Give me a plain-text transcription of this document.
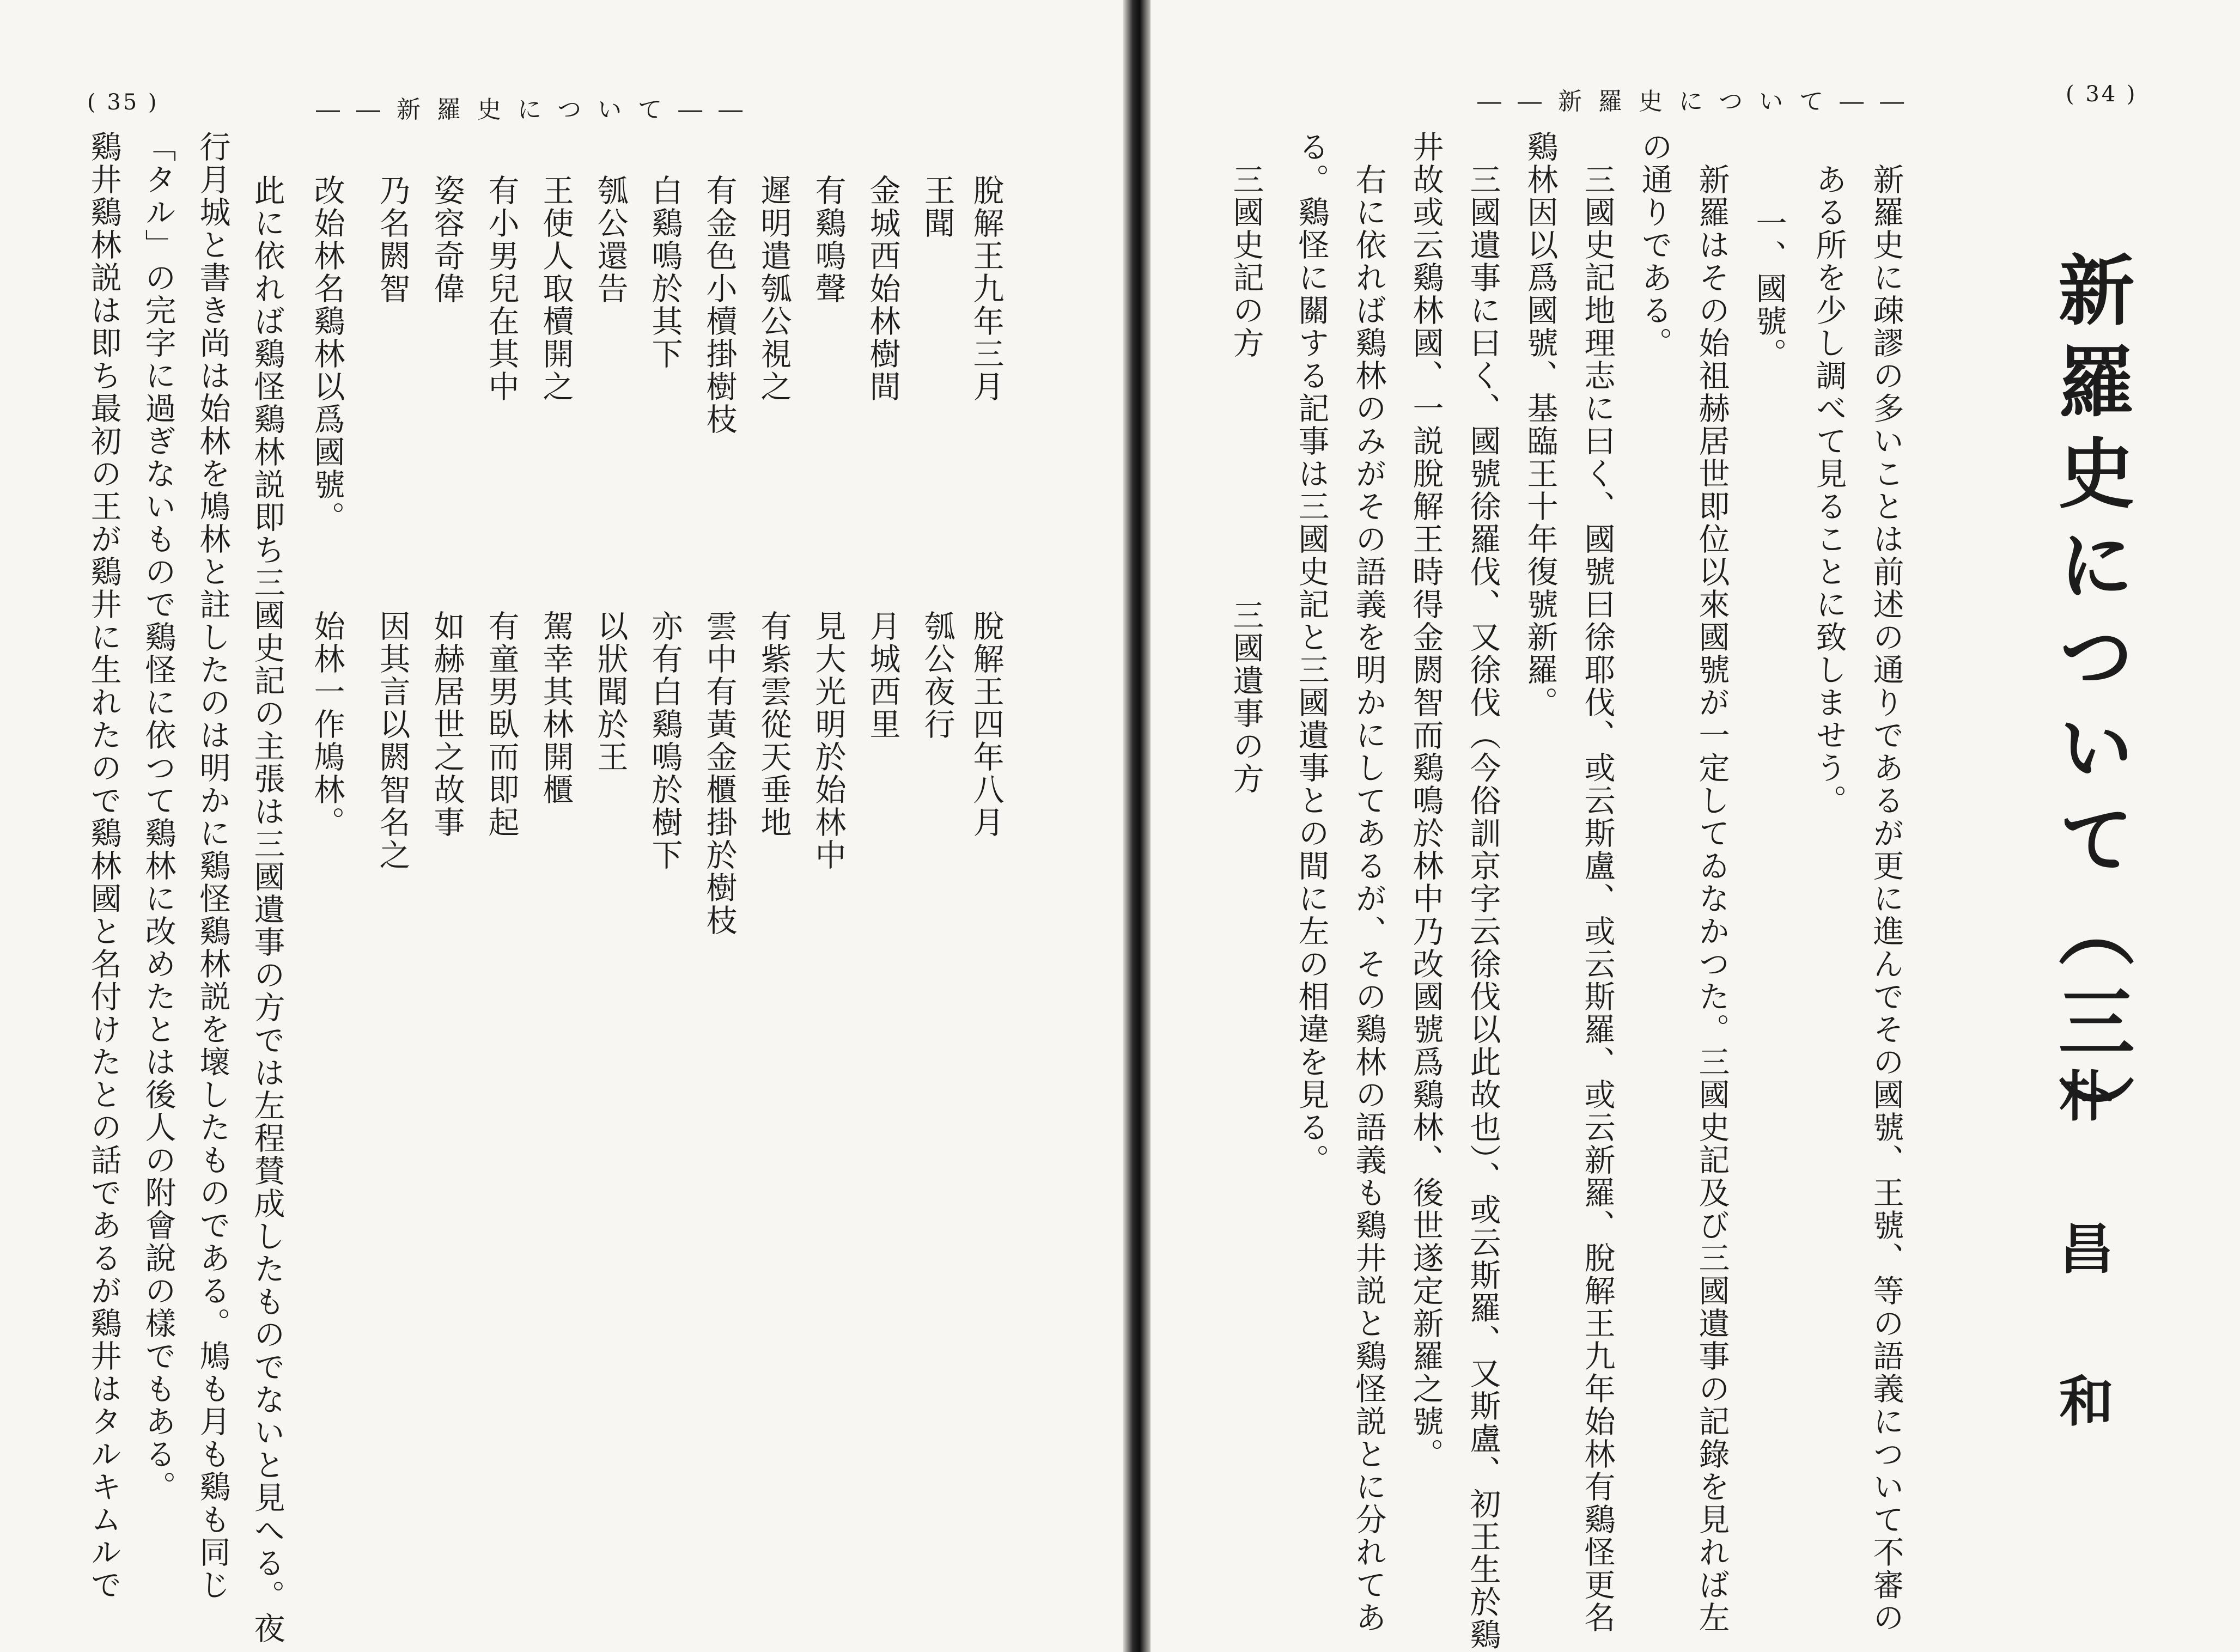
( 34 )
――新羅史について――
新羅史について（三）
朴昌和
新羅史に疎謬の多いことは前述の通りであるが更に進んでその國號、王號、等の語義について不審の
ある所を少し調べて見ることに致しませう。
一、國號。
新羅はその始祖赫居世即位以來國號が一定してゐなかつた。三國史記及び三國遺事の記錄を見れば左
の通りである。
三國史記地理志に曰く、國號曰徐耶伐、或云斯盧、或云斯羅、或云新羅、脫解王九年始林有鷄怪更名
鷄林因以爲國號、基臨王十年復號新羅。
三國遺事に曰く、國號徐羅伐、又徐伐（今俗訓京字云徐伐以此故也）、或云斯羅、又斯盧、初王生於鷄
井故或云鷄林國、一説脫解王時得金閼智而鷄鳴於林中乃改國號爲鷄林、後世遂定新羅之號。
右に依れば鷄林のみがその語義を明かにしてあるが、その鷄林の語義も鷄井説と鷄怪説とに分れてあ
る。鷄怪に關する記事は三國史記と三國遺事との間に左の相違を見る。
三國史記の方
三國遺事の方
( 35 )	――新羅史について――
脫解王九年三月
王聞
金城西始林樹間
有鷄鳴聲
遲明遣瓠公視之
有金色小櫝掛樹枝
白鷄鳴於其下
瓠公還告
王使人取櫝開之
有小男兒在其中
姿容奇偉
乃名閼智
改始林名鷄林以爲國號。
脫解王四年八月
瓠公夜行
月城西里
見大光明於始林中
有紫雲從天垂地
雲中有黃金櫃掛於樹枝
亦有白鷄鳴於樹下
以狀聞於王
駕幸其林開櫃
有童男臥而即起
如赫居世之故事
因其言以閼智名之
始林一作鳩林。
此に依れば鷄怪鷄林説即ち三國史記の主張は三國遺事の方では左程賛成したものでないと見へる。夜
行月城と書き尚は始林を鳩林と註したのは明かに鷄怪鷄林説を壞したものである。鳩も月も鷄も同じ
「タル」の完字に過ぎないもので鷄怪に依つて鷄林に改めたとは後人の附會說の樣でもある。
鷄井鷄林説は即ち最初の王が鷄井に生れたので鷄林國と名付けたとの話であるが鷄井はタルキムルで
